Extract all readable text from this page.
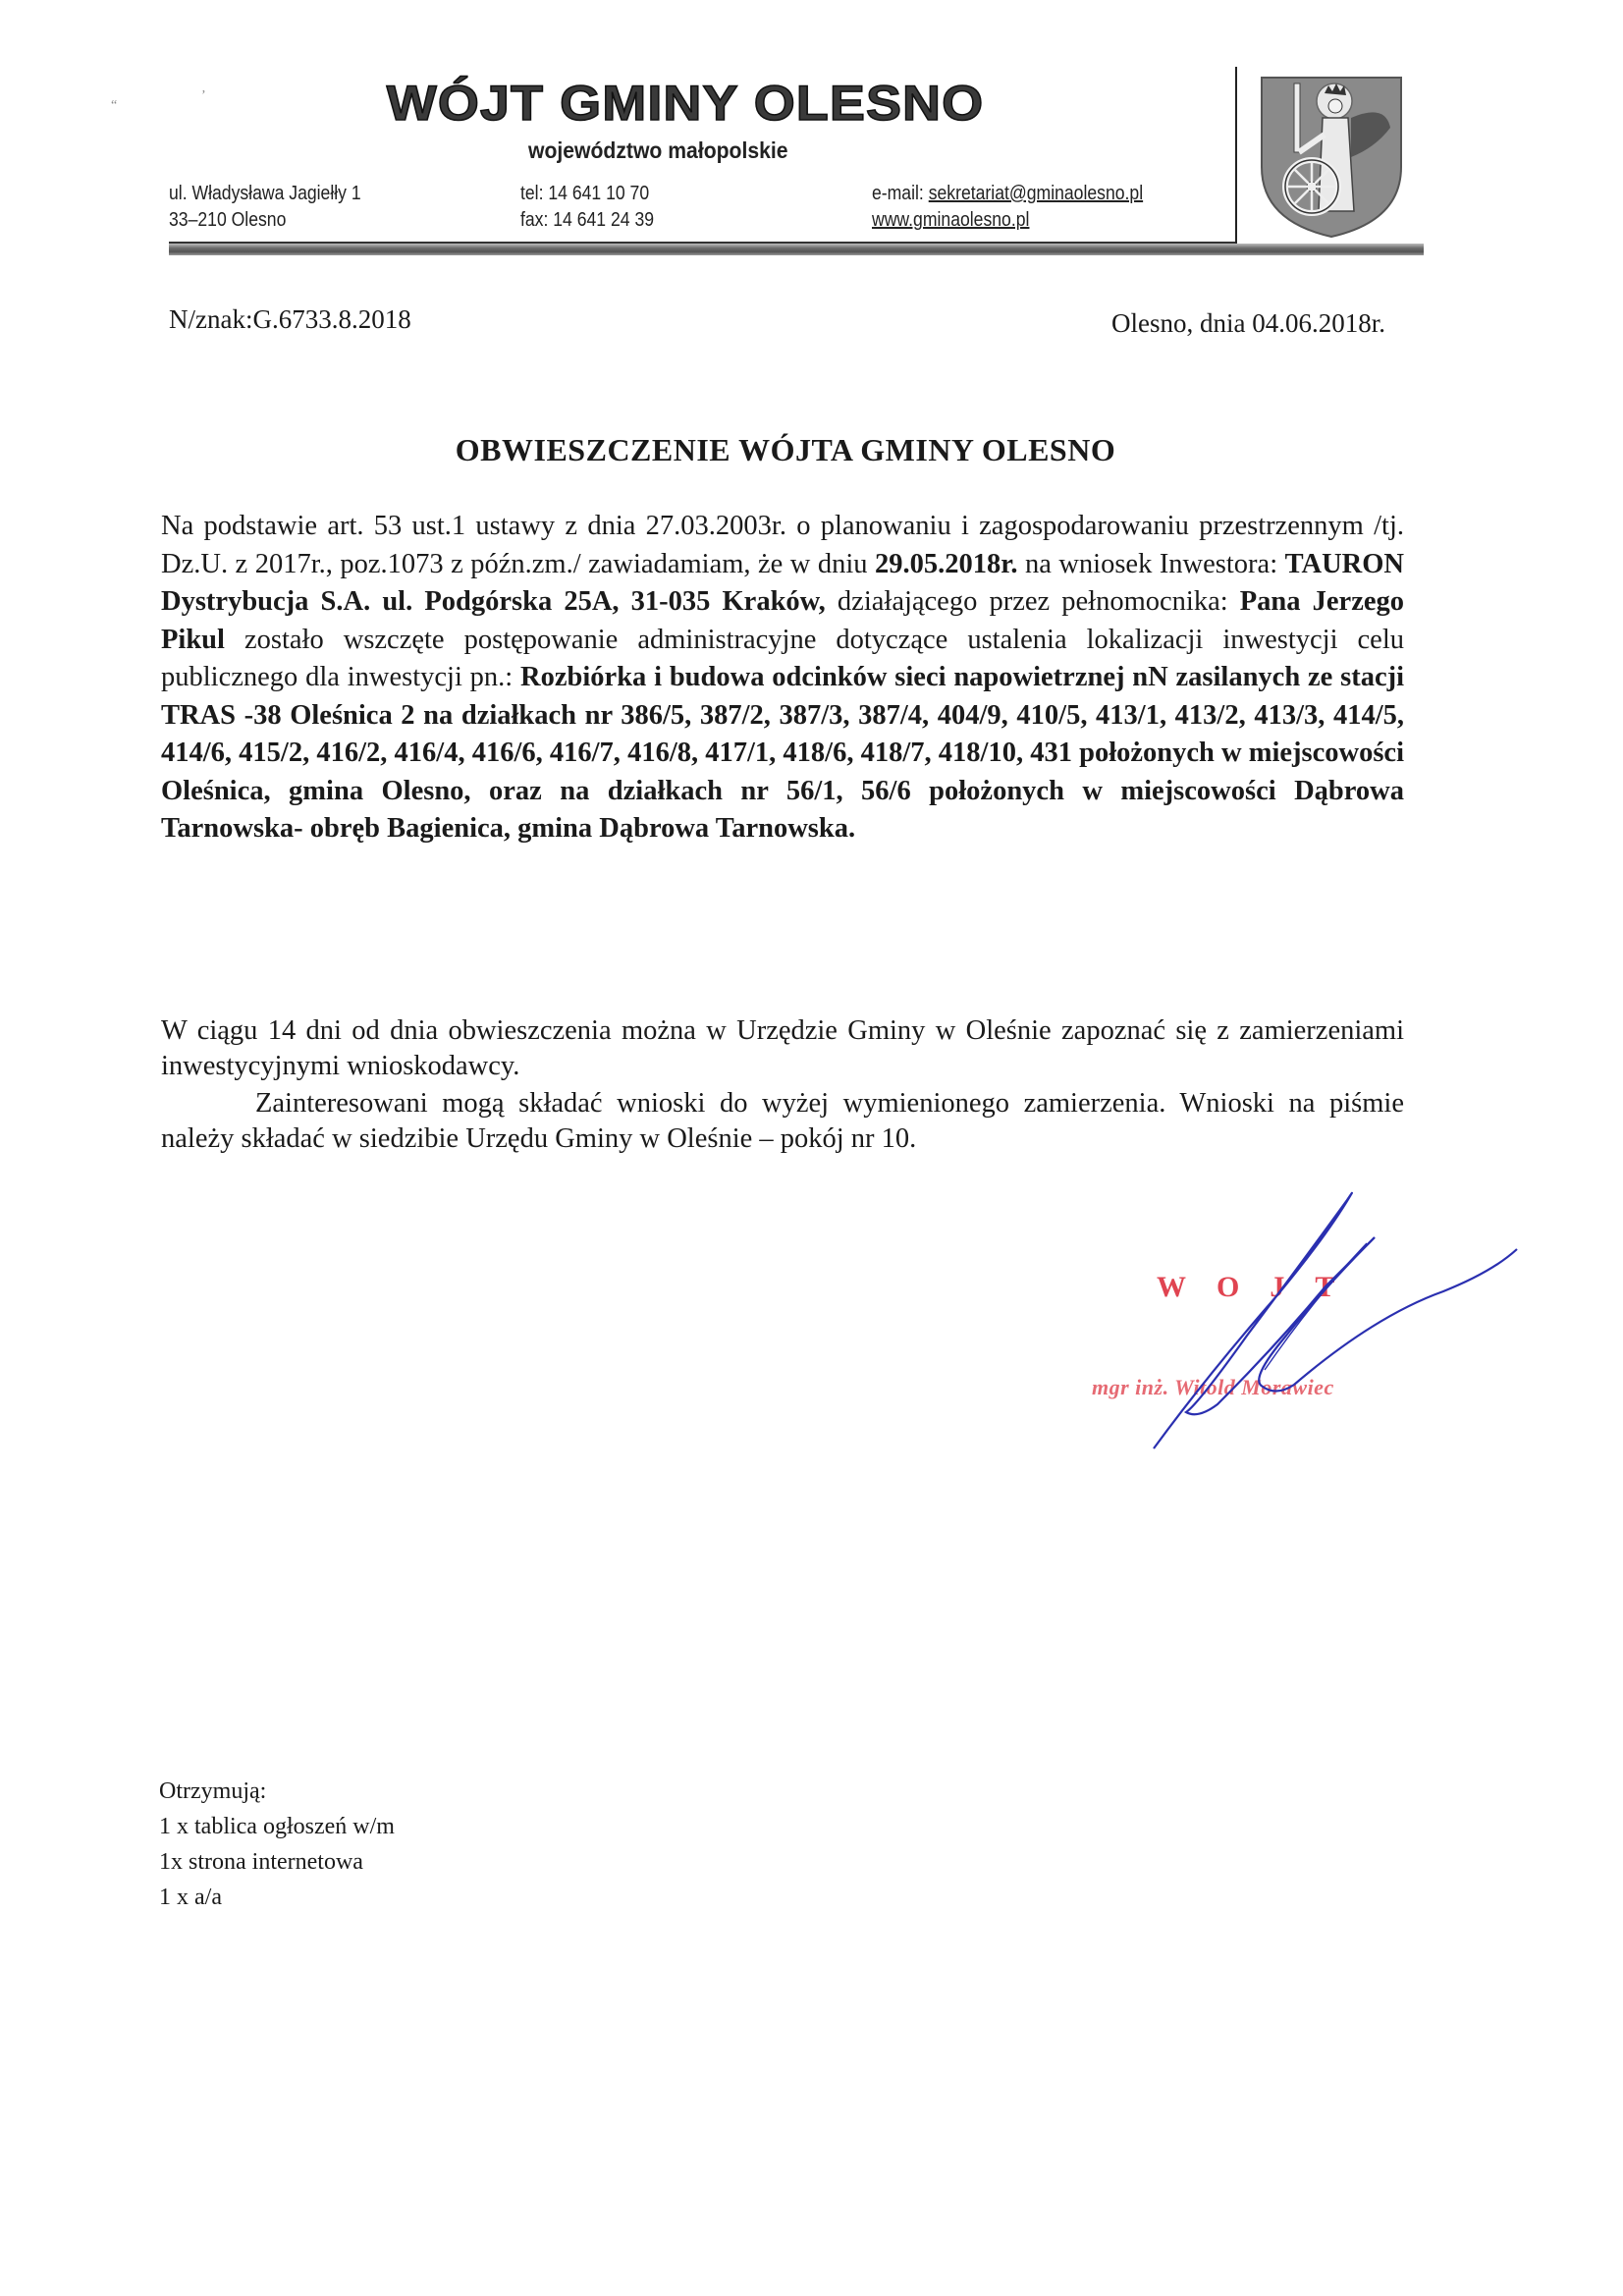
“
’	WÓJT GMINY OLESNO
województwo małopolskie
ul. Władysława Jagiełły 1
33–210 Olesno
tel: 14 641 10 70
fax: 14 641 24 39
e-mail: sekretariat@gminaolesno.pl
www.gminaolesno.pl
N/znak:G.6733.8.2018	Olesno, dnia 04.06.2018r.
OBWIESZCZENIE WÓJTA GMINY OLESNO
Na podstawie art. 53 ust.1 ustawy z dnia 27.03.2003r. o planowaniu i zagospodarowaniu przestrzennym /tj. Dz.U. z 2017r., poz.1073 z późn.zm./ zawiadamiam, że w dniu 29.05.2018r. na wniosek Inwestora: TAURON Dystrybucja S.A. ul. Podgórska 25A, 31-035 Kraków, działającego przez pełnomocnika: Pana Jerzego Pikul zostało wszczęte postępowanie administracyjne dotyczące ustalenia lokalizacji inwestycji celu publicznego dla inwestycji pn.: Rozbiórka i budowa odcinków sieci napowietrznej nN zasilanych ze stacji TRAS -38 Oleśnica 2 na działkach nr 386/5, 387/2, 387/3, 387/4, 404/9, 410/5, 413/1, 413/2, 413/3, 414/5, 414/6, 415/2, 416/2, 416/4, 416/6, 416/7, 416/8, 417/1, 418/6, 418/7, 418/10, 431 położonych w miejscowości Oleśnica, gmina Olesno, oraz na działkach nr 56/1, 56/6 położonych w miejscowości Dąbrowa Tarnowska- obręb Bagienica, gmina Dąbrowa Tarnowska.
W ciągu 14 dni od dnia obwieszczenia można w Urzędzie Gminy w Oleśnie zapoznać się z zamierzeniami inwestycyjnymi wnioskodawcy.
Zainteresowani mogą składać wnioski do wyżej wymienionego zamierzenia. Wnioski na piśmie należy składać w siedzibie Urzędu Gminy w Oleśnie – pokój nr 10.
WOJT
mgr inż. Witold Morawiec
Otrzymują:
1 x tablica ogłoszeń w/m
1x strona internetowa
1 x a/a
